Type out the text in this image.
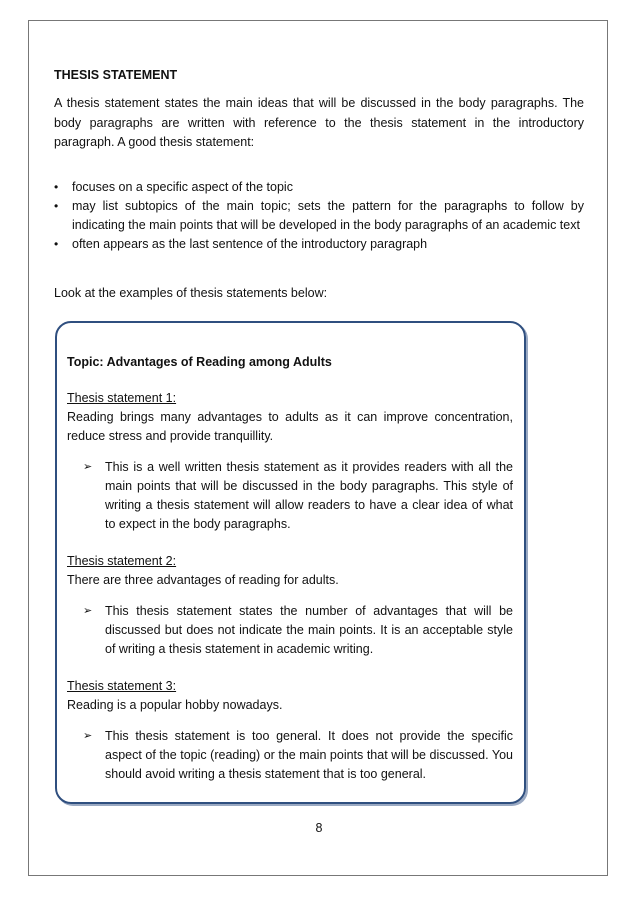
THESIS STATEMENT
A thesis statement states the main ideas that will be discussed in the body paragraphs. The body paragraphs are written with reference to the thesis statement in the introductory paragraph. A good thesis statement:
• focuses on a specific aspect of the topic
• may list subtopics of the main topic; sets the pattern for the paragraphs to follow by indicating the main points that will be developed in the body paragraphs of an academic text
• often appears as the last sentence of the introductory paragraph
Look at the examples of thesis statements below:
Topic: Advantages of Reading among Adults
Thesis statement 1:
Reading brings many advantages to adults as it can improve concentration, reduce stress and provide tranquillity.
➢ This is a well written thesis statement as it provides readers with all the main points that will be discussed in the body paragraphs. This style of writing a thesis statement will allow readers to have a clear idea of what to expect in the body paragraphs.
Thesis statement 2:
There are three advantages of reading for adults.
➢ This thesis statement states the number of advantages that will be discussed but does not indicate the main points. It is an acceptable style of writing a thesis statement in academic writing.
Thesis statement 3:
Reading is a popular hobby nowadays.
➢ This thesis statement is too general. It does not provide the specific aspect of the topic (reading) or the main points that will be discussed. You should avoid writing a thesis statement that is too general.
8
